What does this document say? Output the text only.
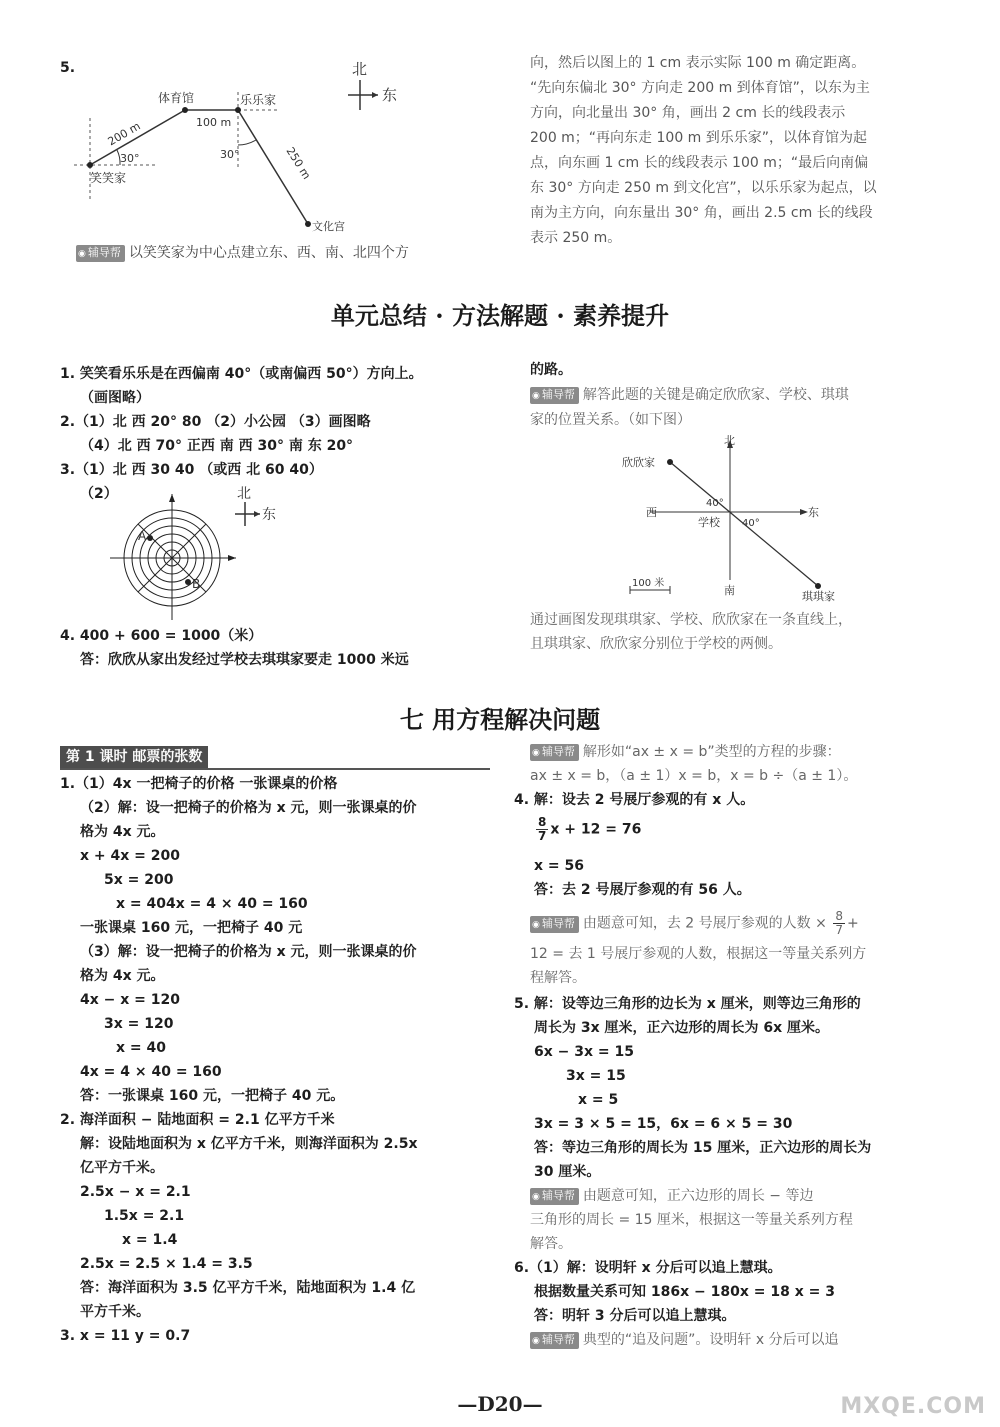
5.	北
东
体育馆	乐乐家
笑笑家
文化宫
200 m	100 m
250 m
30°	30°
◉ 辅导帮 以笑笑家为中心点建立东、西、南、北四个方
向，然后以图上的 1 cm 表示实际 100 m 确定距离。
“先向东偏北 30° 方向走 200 m 到体育馆”，以东为主
方向，向北量出 30° 角，画出 2 cm 长的线段表示
200 m；“再向东走 100 m 到乐乐家”，以体育馆为起
点，向东画 1 cm 长的线段表示 100 m；“最后向南偏
东 30° 方向走 250 m 到文化宫”，以乐乐家为起点，以
南为主方向，向东量出 30° 角，画出 2.5 cm 长的线段
表示 250 m。
单元总结 · 方法解题 · 素养提升
1. 笑笑看乐乐是在西偏南 40°（或南偏西 50°）方向上。
（画图略）
2.（1）北 西 20° 80 （2）小公园 （3）画图略
（4）北 西 70° 正西 南 西 30° 南 东 20°
3.（1）北 西 30 40 （或西 北 60 40）
（2）	北
东
A
B
4. 400 + 600 = 1000（米）
答：欣欣从家出发经过学校去琪琪家要走 1000 米远
的路。
◉ 辅导帮 解答此题的关键是确定欣欣家、学校、琪琪
家的位置关系。（如下图）
北
南
东
西
欣欣家
学校
琪琪家
40°
40°
100 米
通过画图发现琪琪家、学校、欣欣家在一条直线上，
且琪琪家、欣欣家分别位于学校的两侧。
七 用方程解决问题
第 1 课时 邮票的张数
1.（1）4x 一把椅子的价格 一张课桌的价格
（2）解：设一把椅子的价格为 x 元，则一张课桌的价
格为 4x 元。
x + 4x = 200
5x = 200
x = 404x = 4 × 40 = 160
一张课桌 160 元，一把椅子 40 元
（3）解：设一把椅子的价格为 x 元，则一张课桌的价
格为 4x 元。
4x − x = 120
3x = 120
x = 40
4x = 4 × 40 = 160
答：一张课桌 160 元，一把椅子 40 元。
2. 海洋面积 − 陆地面积 = 2.1 亿平方千米
解：设陆地面积为 x 亿平方千米，则海洋面积为 2.5x
亿平方千米。
2.5x − x = 2.1
1.5x = 2.1
x = 1.4
2.5x = 2.5 × 1.4 = 3.5
答：海洋面积为 3.5 亿平方千米，陆地面积为 1.4 亿
平方千米。
3. x = 11 y = 0.7
◉ 辅导帮 解形如“ax ± x = b”类型的方程的步骤：
ax ± x = b，（a ± 1）x = b，x = b ÷（a ± 1）。
4. 解：设去 2 号展厅参观的有 x 人。
$\frac{8}{7}$ x + 12 = 76
x = 56
答：去 2 号展厅参观的有 56 人。
◉ 辅导帮 由题意可知，去 2 号展厅参观的人数 × $\frac{8}{7}$ +
12 = 去 1 号展厅参观的人数，根据这一等量关系列方
程解答。
5. 解：设等边三角形的边长为 x 厘米，则等边三角形的
周长为 3x 厘米，正六边形的周长为 6x 厘米。
6x − 3x = 15
3x = 15
x = 5
3x = 3 × 5 = 15，6x = 6 × 5 = 30
答：等边三角形的周长为 15 厘米，正六边形的周长为
30 厘米。
◉ 辅导帮 由题意可知，正六边形的周长 − 等边
三角形的周长 = 15 厘米，根据这一等量关系列方程
解答。
6.（1）解：设明轩 x 分后可以追上慧琪。
根据数量关系可知 186x − 180x = 18 x = 3
答：明轩 3 分后可以追上慧琪。
◉ 辅导帮 典型的“追及问题”。设明轩 x 分后可以追
—D20—	MXQE.COM
